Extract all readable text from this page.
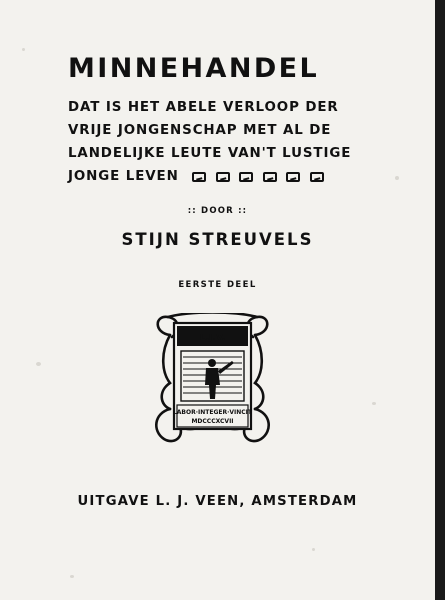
MINNEHANDEL
DAT IS HET ABELE VERLOOP DER
VRIJE JONGENSCHAP MET AL DE
LANDELIJKE LEUTE VAN'T LUSTIGE
JONGE LEVEN
:: DOOR ::
STIJN STREUVELS
EERSTE DEEL
L.J.V.
LABOR·INTEGER·VINCIT
MDCCCXCVII
UITGAVE L. J. VEEN, AMSTERDAM
